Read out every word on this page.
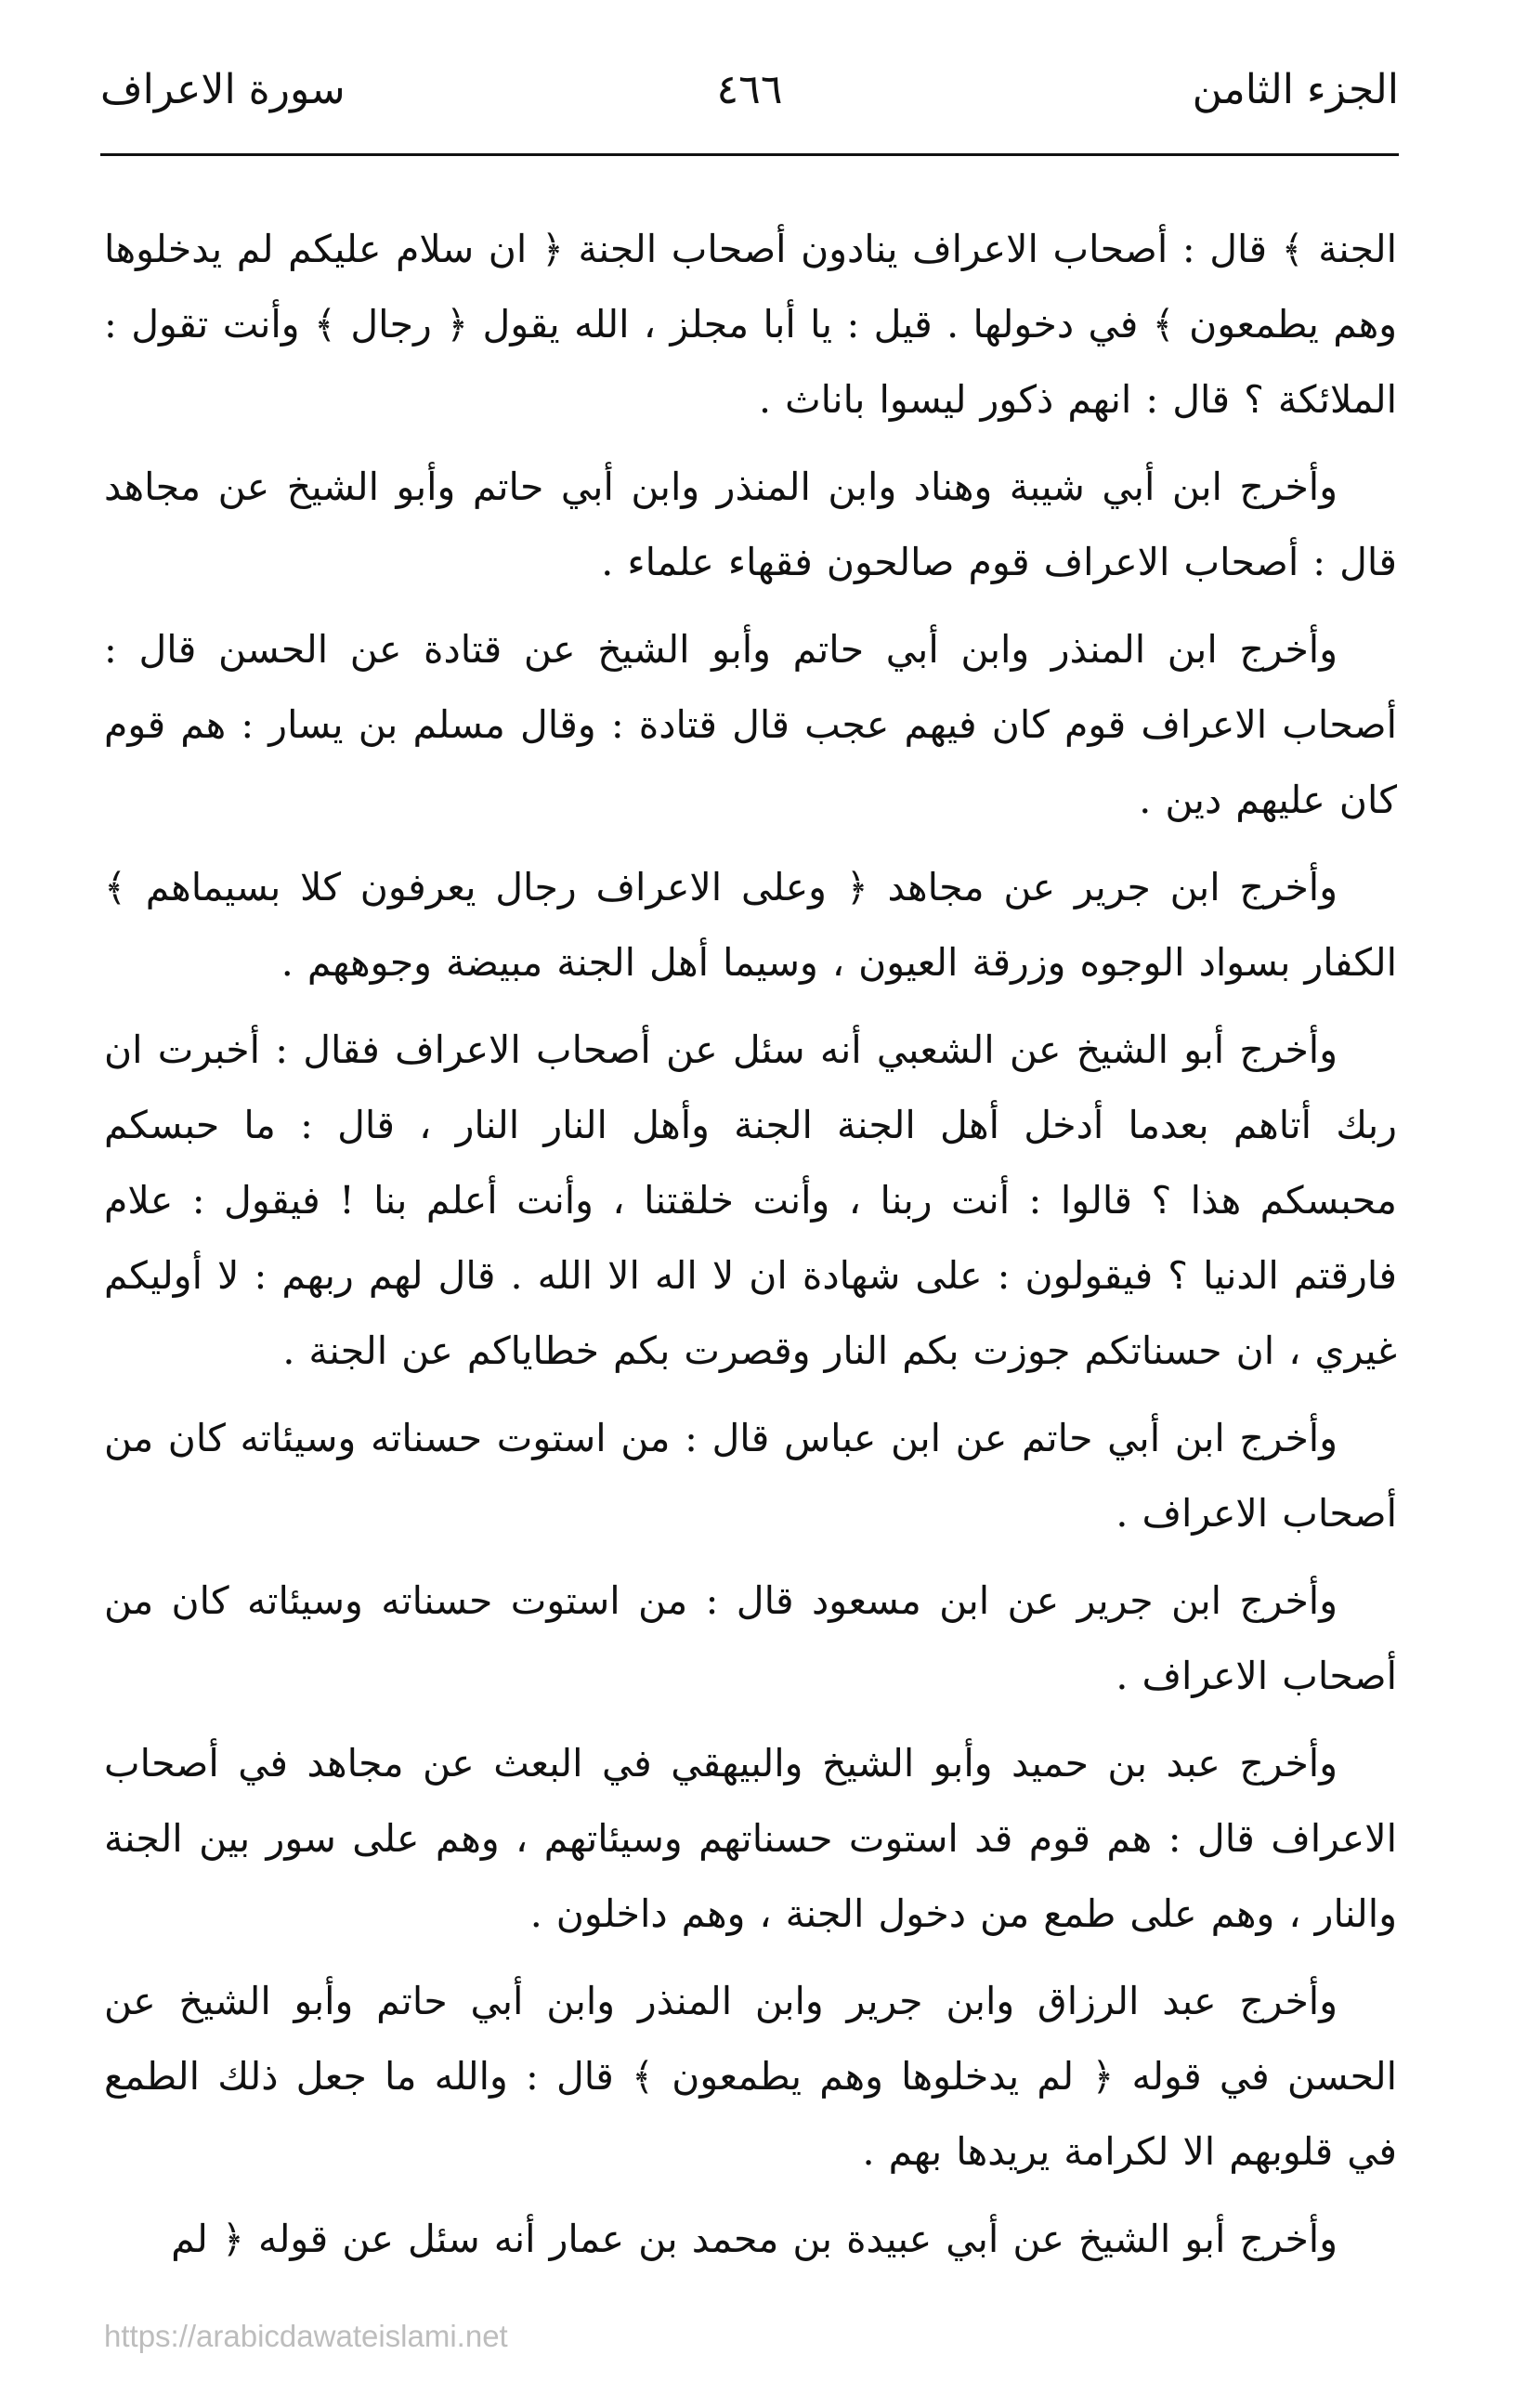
الجزء الثامن
٤٦٦
سورة الاعراف

الجنة ﴾ قال : أصحاب الاعراف ينادون أصحاب الجنة ﴿ ان سلام عليكم لم يدخلوها وهم يطمعون ﴾ في دخولها . قيل : يا أبا مجلز ، الله يقول ﴿ رجال ﴾ وأنت تقول : الملائكة ؟ قال : انهم ذكور ليسوا باناث .

وأخرج ابن أبي شيبة وهناد وابن المنذر وابن أبي حاتم وأبو الشيخ عن مجاهد قال : أصحاب الاعراف قوم صالحون فقهاء علماء .

وأخرج ابن المنذر وابن أبي حاتم وأبو الشيخ عن قتادة عن الحسن قال : أصحاب الاعراف قوم كان فيهم عجب قال قتادة : وقال مسلم بن يسار : هم قوم كان عليهم دين .

وأخرج ابن جرير عن مجاهد ﴿ وعلى الاعراف رجال يعرفون كلا بسيماهم ﴾ الكفار بسواد الوجوه وزرقة العيون ، وسيما أهل الجنة مبيضة وجوههم .

وأخرج أبو الشيخ عن الشعبي أنه سئل عن أصحاب الاعراف فقال : أخبرت ان ربك أتاهم بعدما أدخل أهل الجنة الجنة وأهل النار النار ، قال : ما حبسكم محبسكم هذا ؟ قالوا : أنت ربنا ، وأنت خلقتنا ، وأنت أعلم بنا ! فيقول : علام فارقتم الدنيا ؟ فيقولون : على شهادة ان لا اله الا الله . قال لهم ربهم : لا أوليكم غيري ، ان حسناتكم جوزت بكم النار وقصرت بكم خطاياكم عن الجنة .

وأخرج ابن أبي حاتم عن ابن عباس قال : من استوت حسناته وسيئاته كان من أصحاب الاعراف .

وأخرج ابن جرير عن ابن مسعود قال : من استوت حسناته وسيئاته كان من أصحاب الاعراف .

وأخرج عبد بن حميد وأبو الشيخ والبيهقي في البعث عن مجاهد في أصحاب الاعراف قال : هم قوم قد استوت حسناتهم وسيئاتهم ، وهم على سور بين الجنة والنار ، وهم على طمع من دخول الجنة ، وهم داخلون .

وأخرج عبد الرزاق وابن جرير وابن المنذر وابن أبي حاتم وأبو الشيخ عن الحسن في قوله ﴿ لم يدخلوها وهم يطمعون ﴾ قال : والله ما جعل ذلك الطمع في قلوبهم الا لكرامة يريدها بهم .

وأخرج أبو الشيخ عن أبي عبيدة بن محمد بن عمار أنه سئل عن قوله ﴿ لم

https://arabicdawateislami.net
